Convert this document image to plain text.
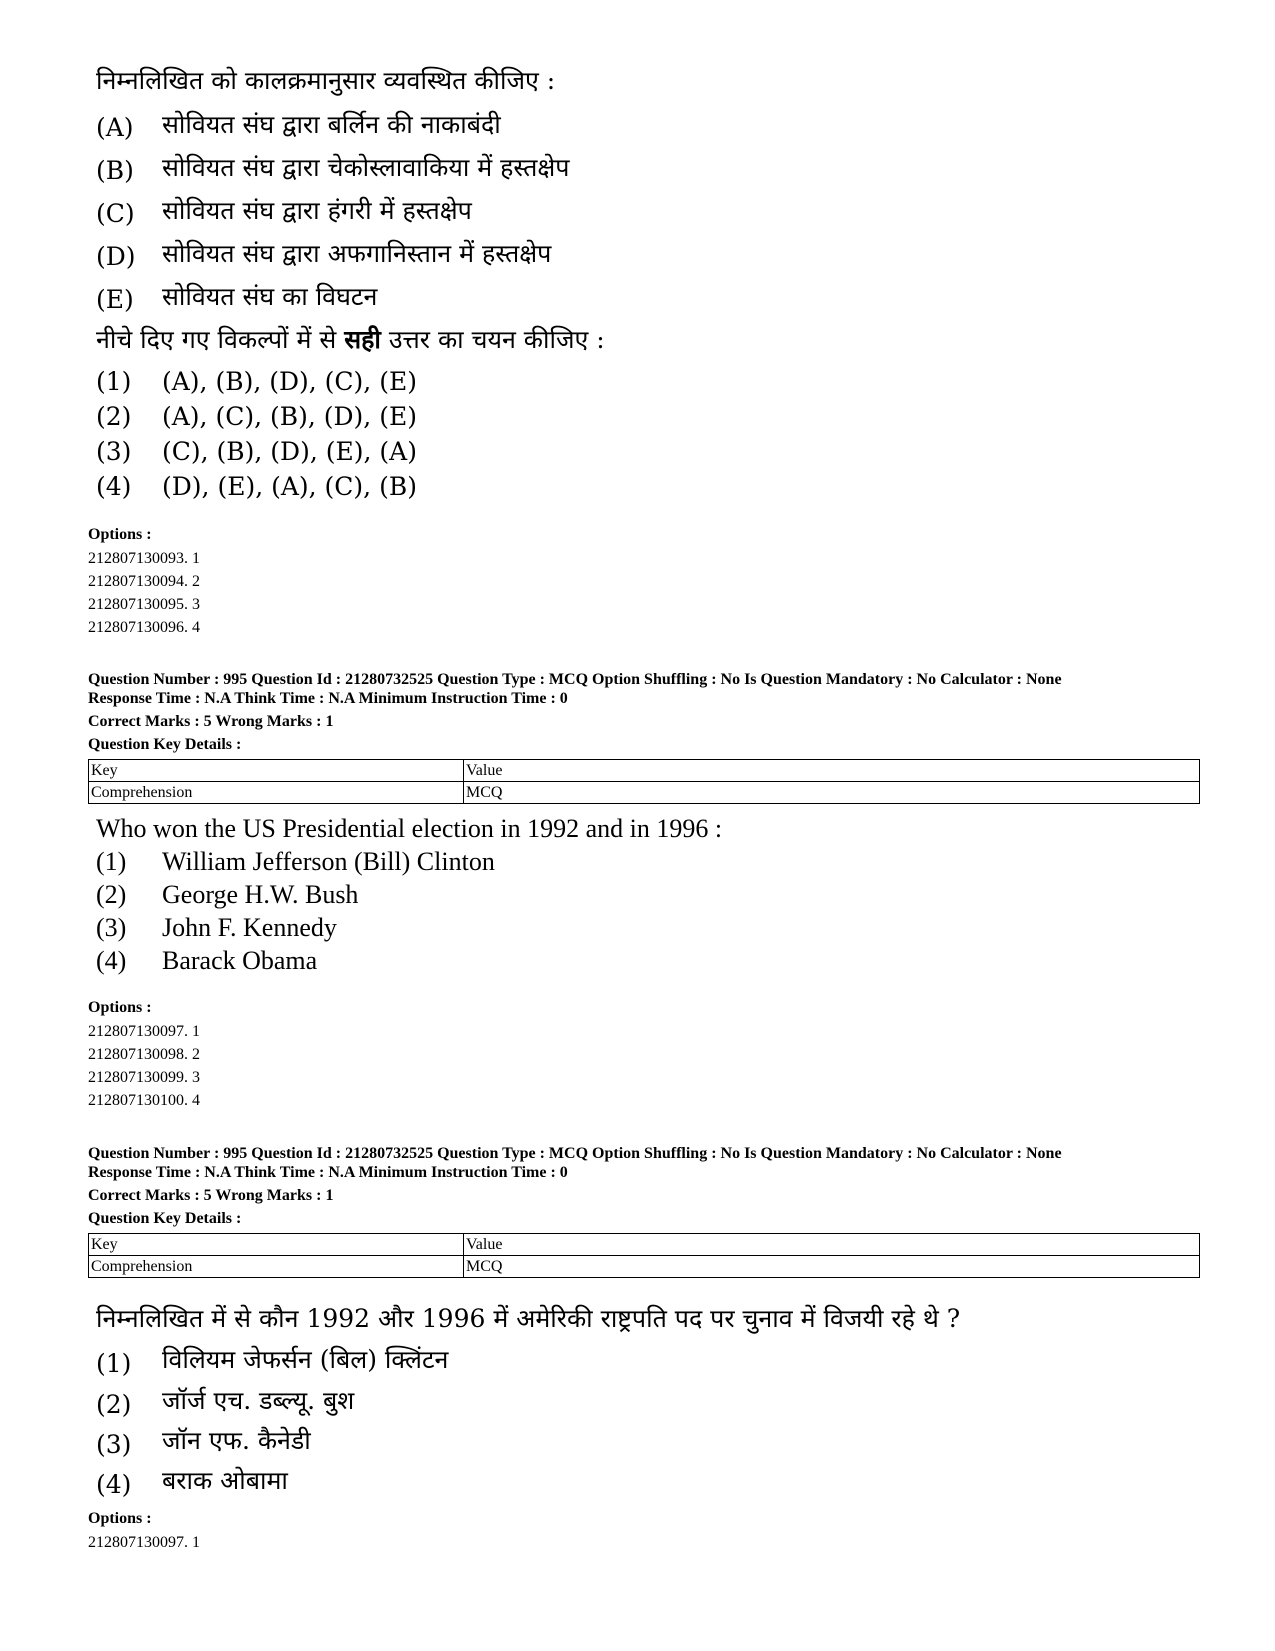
निम्नलिखित को कालक्रमानुसार व्यवस्थित कीजिए :
(A) सोवियत संघ द्वारा बर्लिन की नाकाबंदी
(B) सोवियत संघ द्वारा चेकोस्लावाकिया में हस्तक्षेप
(C) सोवियत संघ द्वारा हंगरी में हस्तक्षेप
(D) सोवियत संघ द्वारा अफगानिस्तान में हस्तक्षेप
(E) सोवियत संघ का विघटन
नीचे दिए गए विकल्पों में से सही उत्तर का चयन कीजिए :
(1) (A), (B), (D), (C), (E)
(2) (A), (C), (B), (D), (E)
(3) (C), (B), (D), (E), (A)
(4) (D), (E), (A), (C), (B)
Options :
212807130093. 1
212807130094. 2
212807130095. 3
212807130096. 4
Question Number : 995 Question Id : 21280732525 Question Type : MCQ Option Shuffling : No Is Question Mandatory : No Calculator : None
Response Time : N.A Think Time : N.A Minimum Instruction Time : 0
Correct Marks : 5 Wrong Marks : 1
Question Key Details :
Key	Value
Comprehension	MCQ
Who won the US Presidential election in 1992 and in 1996 :
(1) William Jefferson (Bill) Clinton
(2) George H.W. Bush
(3) John F. Kennedy
(4) Barack Obama
Options :
212807130097. 1
212807130098. 2
212807130099. 3
212807130100. 4
Question Number : 995 Question Id : 21280732525 Question Type : MCQ Option Shuffling : No Is Question Mandatory : No Calculator : None
Response Time : N.A Think Time : N.A Minimum Instruction Time : 0
Correct Marks : 5 Wrong Marks : 1
Question Key Details :
Key	Value
Comprehension	MCQ
निम्नलिखित में से कौन 1992 और 1996 में अमेरिकी राष्ट्रपति पद पर चुनाव में विजयी रहे थे ?
(1) विलियम जेफर्सन (बिल) क्लिंटन
(2) जॉर्ज एच. डब्ल्यू. बुश
(3) जॉन एफ. कैनेडी
(4) बराक ओबामा
Options :
212807130097. 1
